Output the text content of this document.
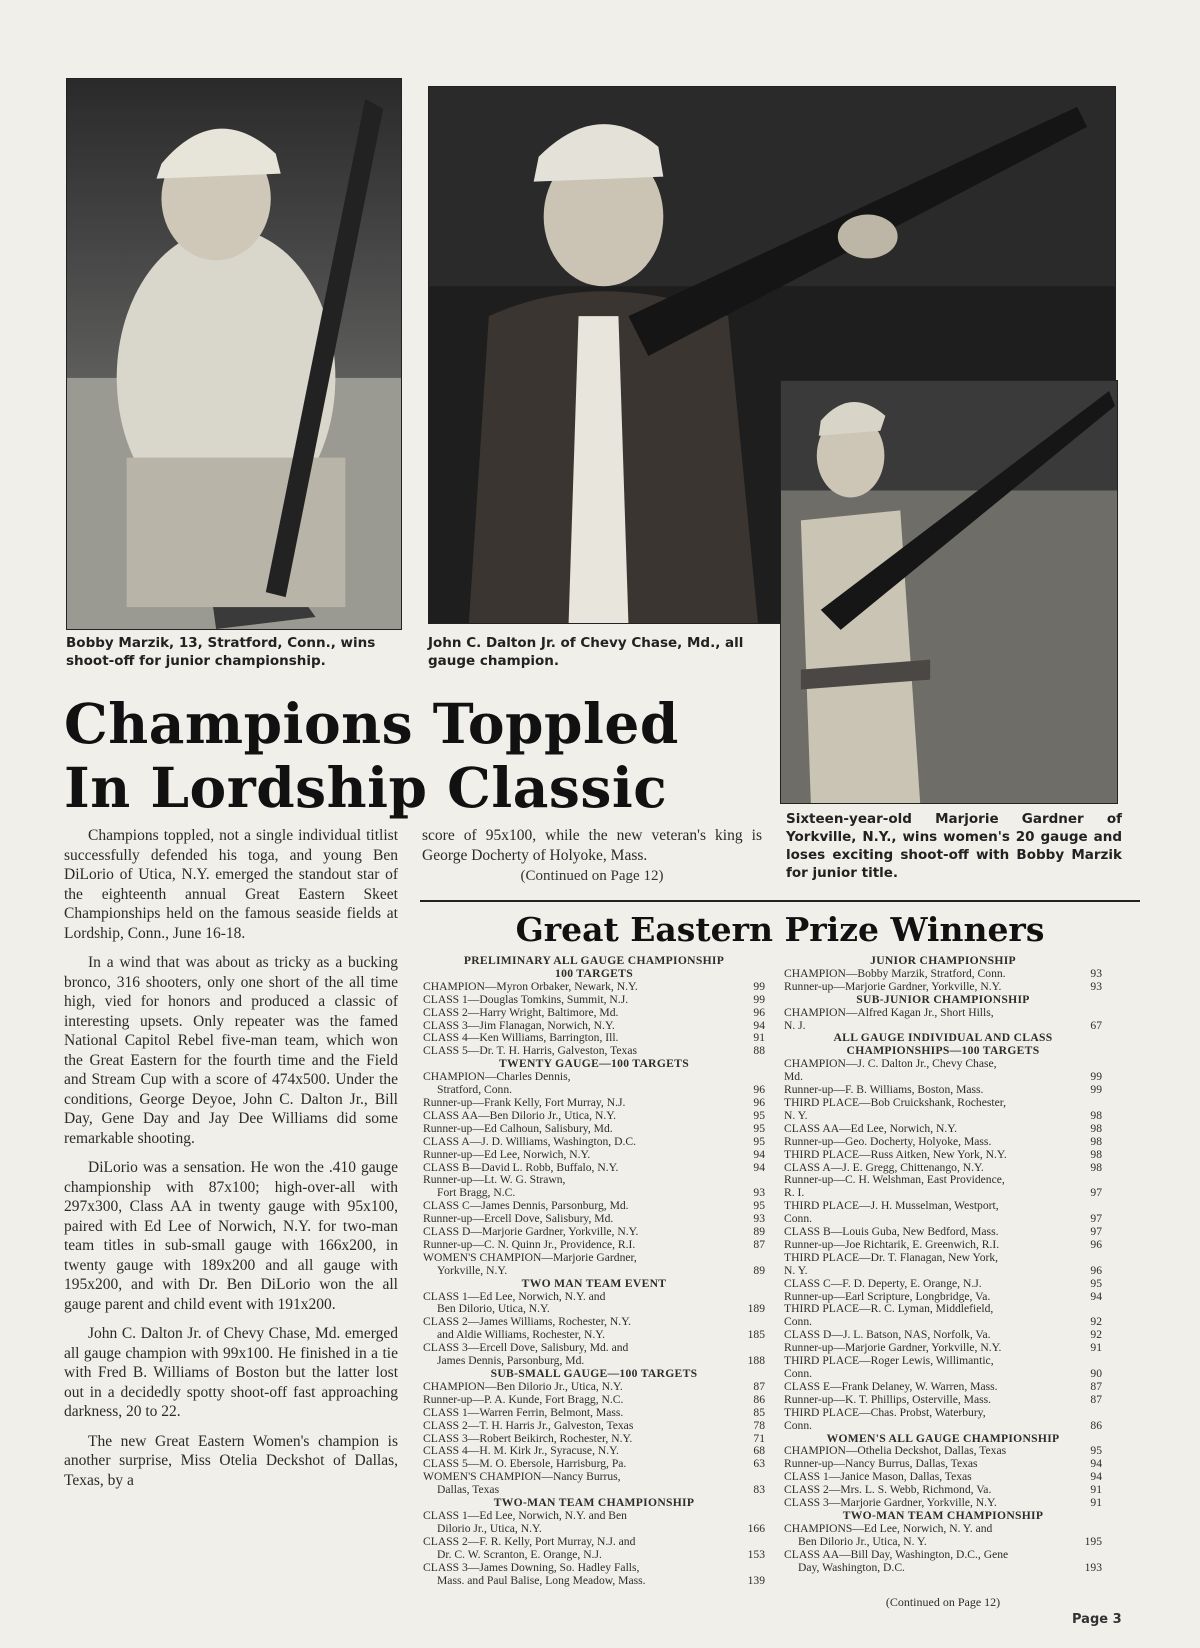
Bobby Marzik, 13, Stratford, Conn., wins shoot-off for junior championship.
John C. Dalton Jr. of Chevy Chase, Md., all gauge champion.
Sixteen-year-old Marjorie Gardner of Yorkville, N.Y., wins women's 20 gauge and loses exciting shoot-off with Bobby Marzik for junior title.
Champions Toppled
In Lordship Classic

Champions toppled, not a single individual titlist successfully defended his toga, and young Ben DiLorio of Utica, N.Y. emerged the standout star of the eighteenth annual Great Eastern Skeet Championships held on the famous seaside fields at Lordship, Conn., June 16-18.

In a wind that was about as tricky as a bucking bronco, 316 shooters, only one short of the all time high, vied for honors and produced a classic of interesting upsets. Only repeater was the famed National Capitol Rebel five-man team, which won the Great Eastern for the fourth time and the Field and Stream Cup with a score of 474x500. Under the conditions, George Deyoe, John C. Dalton Jr., Bill Day, Gene Day and Jay Dee Williams did some remarkable shooting.

DiLorio was a sensation. He won the .410 gauge championship with 87x100; high-over-all with 297x300, Class AA in twenty gauge with 95x100, paired with Ed Lee of Norwich, N.Y. for two-man team titles in sub-small gauge with 166x200, in twenty gauge with 189x200 and all gauge with 195x200, and with Dr. Ben DiLorio won the all gauge parent and child event with 191x200.

John C. Dalton Jr. of Chevy Chase, Md. emerged all gauge champion with 99x100. He finished in a tie with Fred B. Williams of Boston but the latter lost out in a decidedly spotty shoot-off fast approaching darkness, 20 to 22.

The new Great Eastern Women's champion is another surprise, Miss Otelia Deckshot of Dallas, Texas, by a

score of 95x100, while the new veteran's king is George Docherty of Holyoke, Mass.

(Continued on Page 12)
Great Eastern Prize Winners
PRELIMINARY ALL GAUGE CHAMPIONSHIP
100 TARGETS
CHAMPION—Myron Orbaker, Newark, N.Y.	99
CLASS 1—Douglas Tomkins, Summit, N.J.	99
CLASS 2—Harry Wright, Baltimore, Md.	96
CLASS 3—Jim Flanagan, Norwich, N.Y.	94
CLASS 4—Ken Williams, Barrington, Ill.	91
CLASS 5—Dr. T. H. Harris, Galveston, Texas	88
TWENTY GAUGE—100 TARGETS
CHAMPION—Charles Dennis,
Stratford, Conn.	96
Runner-up—Frank Kelly, Fort Murray, N.J.	96
CLASS AA—Ben Dilorio Jr., Utica, N.Y.	95
Runner-up—Ed Calhoun, Salisbury, Md.	95
CLASS A—J. D. Williams, Washington, D.C.	95
Runner-up—Ed Lee, Norwich, N.Y.	94
CLASS B—David L. Robb, Buffalo, N.Y.	94
Runner-up—Lt. W. G. Strawn,
Fort Bragg, N.C.	93
CLASS C—James Dennis, Parsonburg, Md.	95
Runner-up—Ercell Dove, Salisbury, Md.	93
CLASS D—Marjorie Gardner, Yorkville, N.Y.	89
Runner-up—C. N. Quinn Jr., Providence, R.I.	87
WOMEN'S CHAMPION—Marjorie Gardner,
Yorkville, N.Y.	89
TWO MAN TEAM EVENT
CLASS 1—Ed Lee, Norwich, N.Y. and
Ben Dilorio, Utica, N.Y.	189
CLASS 2—James Williams, Rochester, N.Y.
and Aldie Williams, Rochester, N.Y.	185
CLASS 3—Ercell Dove, Salisbury, Md. and
James Dennis, Parsonburg, Md.	188
SUB-SMALL GAUGE—100 TARGETS
CHAMPION—Ben Dilorio Jr., Utica, N.Y.	87
Runner-up—P. A. Kunde, Fort Bragg, N.C.	86
CLASS 1—Warren Ferrin, Belmont, Mass.	85
CLASS 2—T. H. Harris Jr., Galveston, Texas	78
CLASS 3—Robert Beikirch, Rochester, N.Y.	71
CLASS 4—H. M. Kirk Jr., Syracuse, N.Y.	68
CLASS 5—M. O. Ebersole, Harrisburg, Pa.	63
WOMEN'S CHAMPION—Nancy Burrus,
Dallas, Texas	83
TWO-MAN TEAM CHAMPIONSHIP
CLASS 1—Ed Lee, Norwich, N.Y. and Ben
Dilorio Jr., Utica, N.Y.	166
CLASS 2—F. R. Kelly, Port Murray, N.J. and
Dr. C. W. Scranton, E. Orange, N.J.	153
CLASS 3—James Downing, So. Hadley Falls,
Mass. and Paul Balise, Long Meadow, Mass.	139
JUNIOR CHAMPIONSHIP
CHAMPION—Bobby Marzik, Stratford, Conn.	93
Runner-up—Marjorie Gardner, Yorkville, N.Y.	93
SUB-JUNIOR CHAMPIONSHIP
CHAMPION—Alfred Kagan Jr., Short Hills,
N. J.	67
ALL GAUGE INDIVIDUAL AND CLASS
CHAMPIONSHIPS—100 TARGETS
CHAMPION—J. C. Dalton Jr., Chevy Chase,
Md.	99
Runner-up—F. B. Williams, Boston, Mass.	99
THIRD PLACE—Bob Cruickshank, Rochester,
N. Y.	98
CLASS AA—Ed Lee, Norwich, N.Y.	98
Runner-up—Geo. Docherty, Holyoke, Mass.	98
THIRD PLACE—Russ Aitken, New York, N.Y.	98
CLASS A—J. E. Gregg, Chittenango, N.Y.	98
Runner-up—C. H. Welshman, East Providence,
R. I.	97
THIRD PLACE—J. H. Musselman, Westport,
Conn.	97
CLASS B—Louis Guba, New Bedford, Mass.	97
Runner-up—Joe Richtarik, E. Greenwich, R.I.	96
THIRD PLACE—Dr. T. Flanagan, New York,
N. Y.	96
CLASS C—F. D. Deperty, E. Orange, N.J.	95
Runner-up—Earl Scripture, Longbridge, Va.	94
THIRD PLACE—R. C. Lyman, Middlefield,
Conn.	92
CLASS D—J. L. Batson, NAS, Norfolk, Va.	92
Runner-up—Marjorie Gardner, Yorkville, N.Y.	91
THIRD PLACE—Roger Lewis, Willimantic,
Conn.	90
CLASS E—Frank Delaney, W. Warren, Mass.	87
Runner-up—K. T. Phillips, Osterville, Mass.	87
THIRD PLACE—Chas. Probst, Waterbury,
Conn.	86
WOMEN'S ALL GAUGE CHAMPIONSHIP
CHAMPION—Othelia Deckshot, Dallas, Texas	95
Runner-up—Nancy Burrus, Dallas, Texas	94
CLASS 1—Janice Mason, Dallas, Texas	94
CLASS 2—Mrs. L. S. Webb, Richmond, Va.	91
CLASS 3—Marjorie Gardner, Yorkville, N.Y.	91
TWO-MAN TEAM CHAMPIONSHIP
CHAMPIONS—Ed Lee, Norwich, N. Y. and
Ben Dilorio Jr., Utica, N. Y.	195
CLASS AA—Bill Day, Washington, D.C., Gene
Day, Washington, D.C.	193
(Continued on Page 12)
Page 3
